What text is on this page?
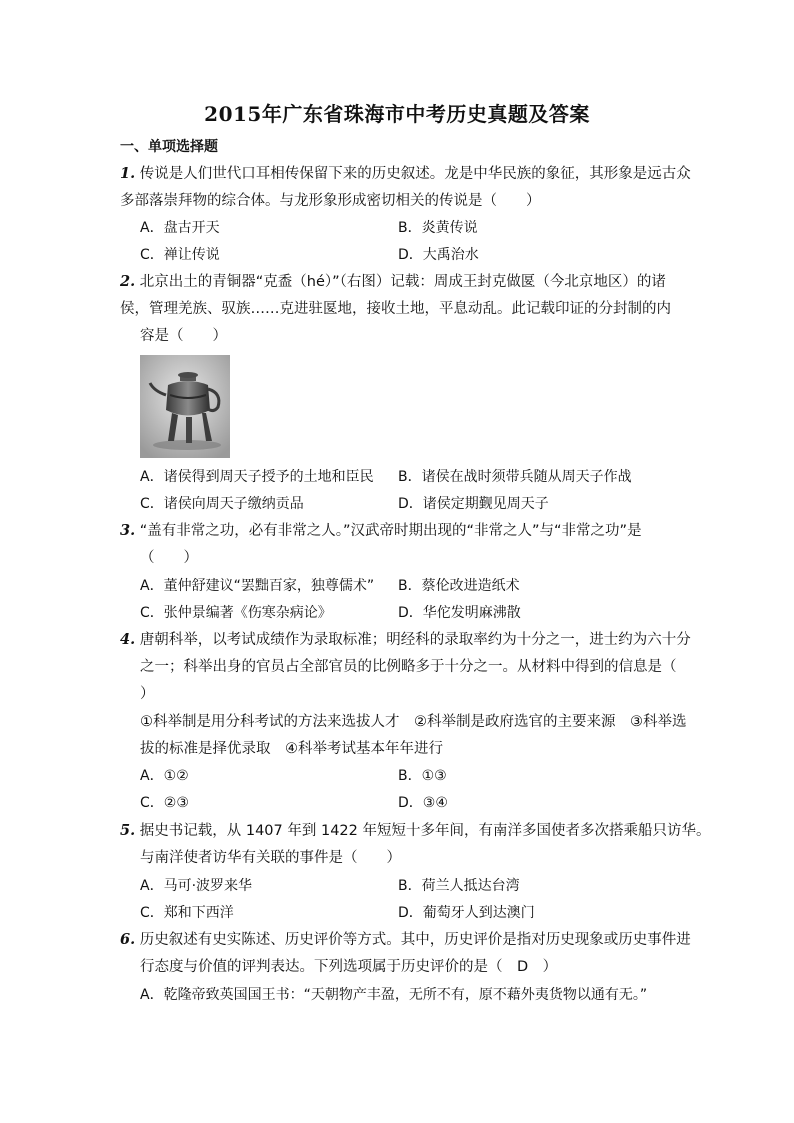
2015年广东省珠海市中考历史真题及答案
一、单项选择题
1. 传说是人们世代口耳相传保留下来的历史叙述。龙是中华民族的象征，其形象是远古众
多部落崇拜物的综合体。与龙形象形成密切相关的传说是（　　）
A．盘古开天	B．炎黄传说
C．禅让传说	D．大禹治水
2. 北京出土的青铜器“克盉（hé）”（右图）记载：周成王封克做匽（今北京地区）的诸
侯，管理羌族、驭族……克进驻匽地，接收土地，平息动乱。此记载印证的分封制的内
容是（　　）
A．诸侯得到周天子授予的土地和臣民 B．诸侯在战时须带兵随从周天子作战
C．诸侯向周天子缴纳贡品	D．诸侯定期觐见周天子
3. “盖有非常之功，必有非常之人。”汉武帝时期出现的“非常之人”与“非常之功”是
（　　）
A．董仲舒建议“罢黜百家，独尊儒术” B．蔡伦改进造纸术
C．张仲景编著《伤寒杂病论》	D．华佗发明麻沸散
4. 唐朝科举，以考试成绩作为录取标准；明经科的录取率约为十分之一，进士约为六十分
之一；科举出身的官员占全部官员的比例略多于十分之一。从材料中得到的信息是（
）
①科举制是用分科考试的方法来选拔人才　②科举制是政府选官的主要来源　③科举选
拔的标准是择优录取　④科举考试基本年年进行
A．①②	B．①③
C．②③	D．③④
5. 据史书记载，从 1407 年到 1422 年短短十多年间，有南洋多国使者多次搭乘船只访华。
与南洋使者访华有关联的事件是（　　）
A．马可·波罗来华	B．荷兰人抵达台湾
C．郑和下西洋	D．葡萄牙人到达澳门
6. 历史叙述有史实陈述、历史评价等方式。其中，历史评价是指对历史现象或历史事件进
行态度与价值的评判表达。下列选项属于历史评价的是（　D　）
A．乾隆帝致英国国王书：“天朝物产丰盈，无所不有，原不藉外夷货物以通有无。”
